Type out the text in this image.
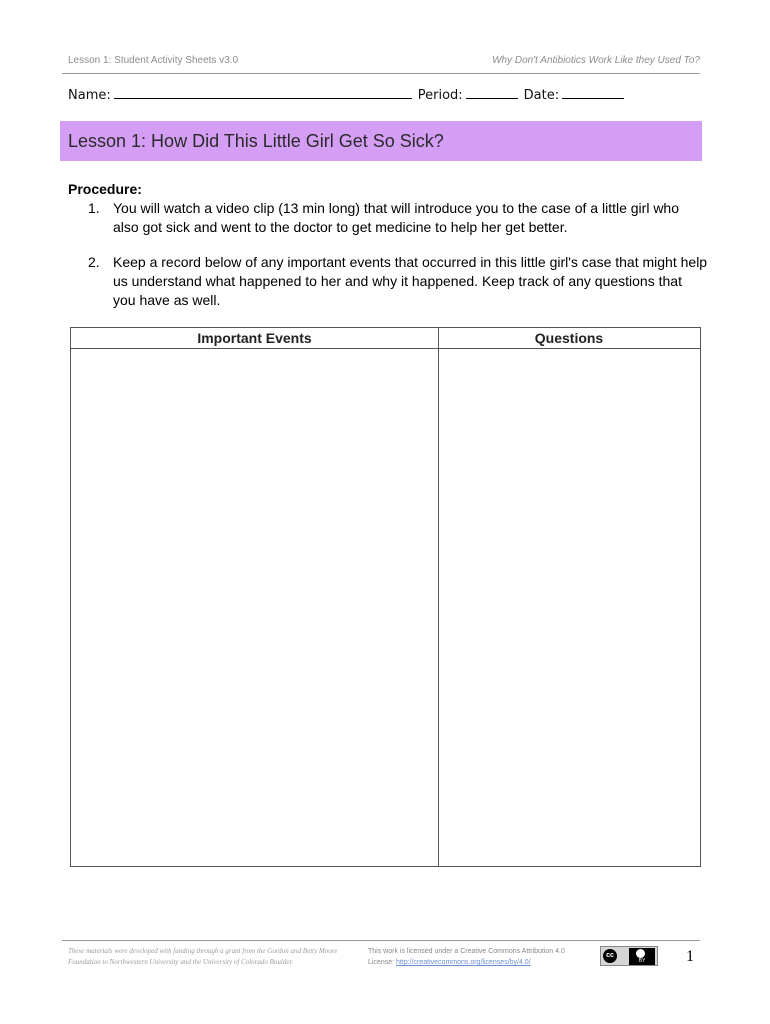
Lesson 1: Student Activity Sheets v3.0	Why Don't Antibiotics Work Like they Used To?
Name:	Period:	Date:
Lesson 1: How Did This Little Girl Get So Sick?
Procedure:
1. You will watch a video clip (13 min long) that will introduce you to the case of a little girl who also got sick and went to the doctor to get medicine to help her get better.
2. Keep a record below of any important events that occurred in this little girl's case that might help us understand what happened to her and why it happened. Keep track of any questions that you have as well.
Important Events	Questions
These materials were developed with funding through a grant from the Gordon and Betty Moore Foundation to Northwestern University and the University of Colorado Boulder.
This work is licensed under a Creative Commons Attribution 4.0 License: http://creativecommons.org/licenses/by/4.0/
cc
BY	1
